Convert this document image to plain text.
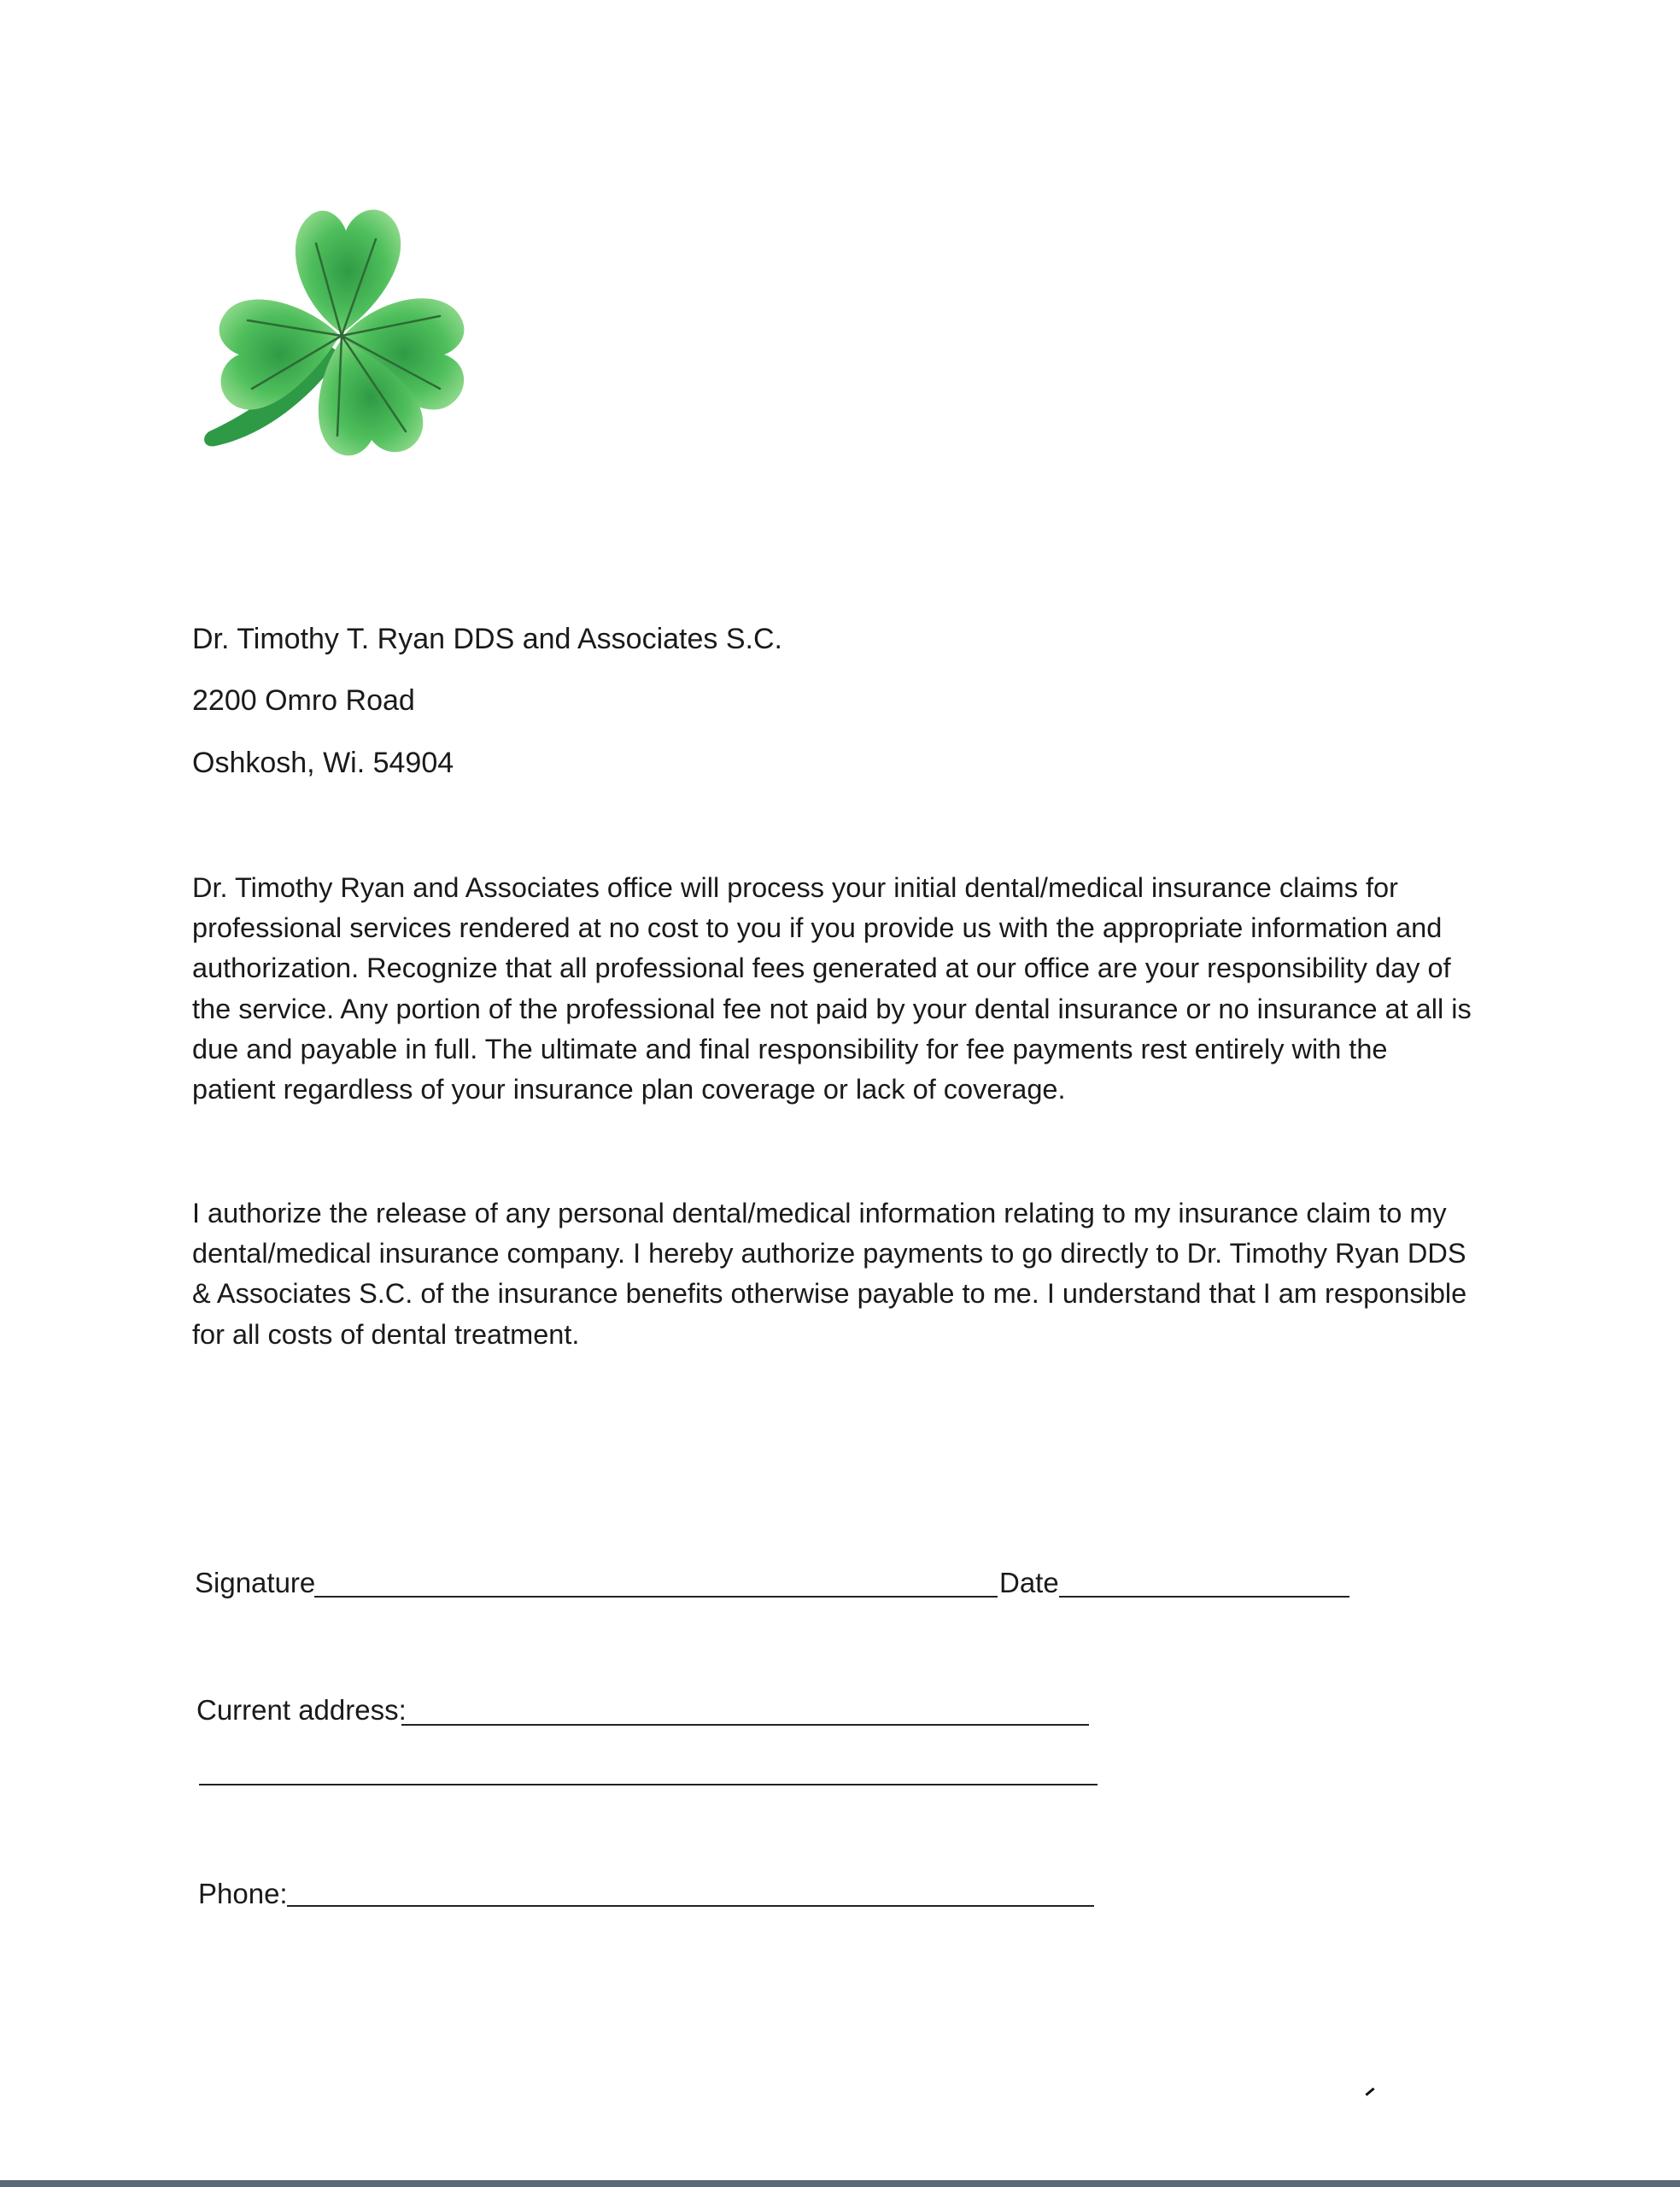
Dr. Timothy T. Ryan DDS and Associates S.C.
2200 Omro Road
Oshkosh, Wi. 54904
Dr. Timothy Ryan and Associates office will process your initial dental/medical insurance claims for
professional services rendered at no cost to you if you provide us with the appropriate information and
authorization. Recognize that all professional fees generated at our office are your responsibility day of
the service. Any portion of the professional fee not paid by your dental insurance or no insurance at all is
due and payable in full. The ultimate and final responsibility for fee payments rest entirely with the
patient regardless of your insurance plan coverage or lack of coverage.
I authorize the release of any personal dental/medical information relating to my insurance claim to my
dental/medical insurance company. I hereby authorize payments to go directly to Dr. Timothy Ryan DDS
& Associates S.C. of the insurance benefits otherwise payable to me. I understand that I am responsible
for all costs of dental treatment.
Signature	Date
Current address:
Phone:
